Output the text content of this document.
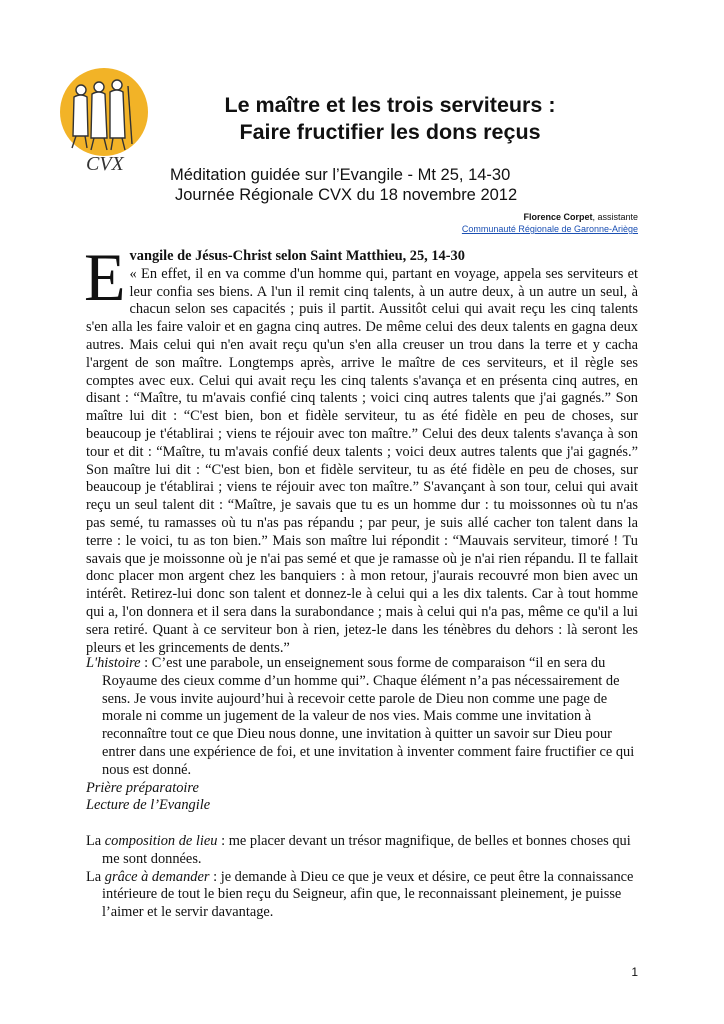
CVX
Le maître et les trois serviteurs :
Faire fructifier les dons reçus
Méditation guidée sur l’Evangile - Mt 25, 14-30
Journée Régionale CVX du 18 novembre 2012
Florence Corpet, assistante
Communauté Régionale de Garonne-Ariège
E vangile de Jésus-Christ selon Saint Matthieu, 25, 14-30
« En effet, il en va comme d'un homme qui, partant en voyage, appela ses serviteurs et leur confia ses biens. A l'un il remit cinq talents, à un autre deux, à un autre un seul, à chacun selon ses capacités ; puis il partit. Aussitôt celui qui avait reçu les cinq talents s'en alla les faire valoir et en gagna cinq autres. De même celui des deux talents en gagna deux autres. Mais celui qui n'en avait reçu qu'un s'en alla creuser un trou dans la terre et y cacha l'argent de son maître. Longtemps après, arrive le maître de ces serviteurs, et il règle ses comptes avec eux. Celui qui avait reçu les cinq talents s'avança et en présenta cinq autres, en disant : “Maître, tu m'avais confié cinq talents ; voici cinq autres talents que j'ai gagnés.” Son maître lui dit : “C'est bien, bon et fidèle serviteur, tu as été fidèle en peu de choses, sur beaucoup je t'établirai ; viens te réjouir avec ton maître.” Celui des deux talents s'avança à son tour et dit : “Maître, tu m'avais confié deux talents ; voici deux autres talents que j'ai gagnés.” Son maître lui dit : “C'est bien, bon et fidèle serviteur, tu as été fidèle en peu de choses, sur beaucoup je t'établirai ; viens te réjouir avec ton maître.” S'avançant à son tour, celui qui avait reçu un seul talent dit : “Maître, je savais que tu es un homme dur : tu moissonnes où tu n'as pas semé, tu ramasses où tu n'as pas répandu ; par peur, je suis allé cacher ton talent dans la terre : le voici, tu as ton bien.” Mais son maître lui répondit : “Mauvais serviteur, timoré ! Tu savais que je moissonne où je n'ai pas semé et que je ramasse où je n'ai rien répandu. Il te fallait donc placer mon argent chez les banquiers : à mon retour, j'aurais recouvré mon bien avec un intérêt. Retirez-lui donc son talent et donnez-le à celui qui a les dix talents. Car à tout homme qui a, l'on donnera et il sera dans la surabondance ; mais à celui qui n'a pas, même ce qu'il a lui sera retiré. Quant à ce serviteur bon à rien, jetez-le dans les ténèbres du dehors : là seront les pleurs et les grincements de dents.”

L'histoire : C’est une parabole, un enseignement sous forme de comparaison “il en sera du Royaume des cieux comme d’un homme qui”. Chaque élément n’a pas nécessairement de sens. Je vous invite aujourd’hui à recevoir cette parole de Dieu non comme une page de morale ni comme un jugement de la valeur de nos vies. Mais comme une invitation à reconnaître tout ce que Dieu nous donne, une invitation à quitter un savoir sur Dieu pour entrer dans une expérience de foi, et une invitation à inventer comment faire fructifier ce qui nous est donné.

Prière préparatoire
Lecture de l’Evangile

La composition de lieu : me placer devant un trésor magnifique, de belles et bonnes choses qui me sont données.

La grâce à demander : je demande à Dieu ce que je veux et désire, ce peut être la connaissance intérieure de tout le bien reçu du Seigneur, afin que, le reconnaissant pleinement, je puisse l’aimer et le servir davantage.

1
